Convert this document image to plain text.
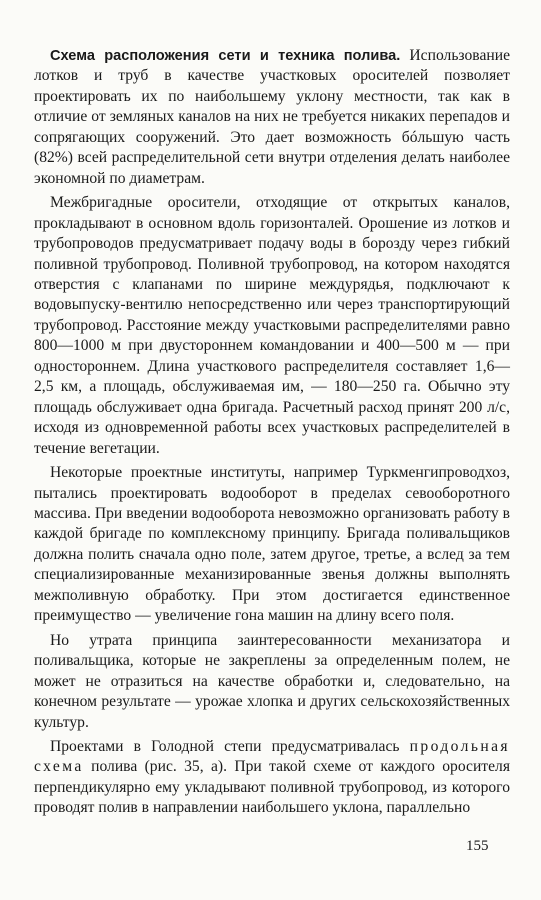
Схема расположения сети и техника полива. Использование лотков и труб в качестве участковых оросителей позволяет проектировать их по наибольшему уклону местности, так как в отличие от земляных каналов на них не требуется никаких перепадов и сопрягающих сооружений. Это дает возможность бóльшую часть (82%) всей распределительной сети внутри отделения делать наиболее экономной по диаметрам.

Межбригадные оросители, отходящие от открытых каналов, прокладывают в основном вдоль горизонталей. Орошение из лотков и трубопроводов предусматривает подачу воды в борозду через гибкий поливной трубопровод. Поливной трубопровод, на котором находятся отверстия с клапанами по ширине междурядья, подключают к водовыпуску-вентилю непосредственно или через транспортирующий трубопровод. Расстояние между участковыми распределителями равно 800—1000 м при двустороннем командовании и 400—500 м — при одностороннем. Длина участкового распределителя составляет 1,6—2,5 км, а площадь, обслуживаемая им, — 180—250 га. Обычно эту площадь обслуживает одна бригада. Расчетный расход принят 200 л/с, исходя из одновременной работы всех участковых распределителей в течение вегетации.

Некоторые проектные институты, например Туркменгипроводхоз, пытались проектировать водооборот в пределах севооборотного массива. При введении водооборота невозможно организовать работу в каждой бригаде по комплексному принципу. Бригада поливальщиков должна полить сначала одно поле, затем другое, третье, а вслед за тем специализированные механизированные звенья должны выполнять межполивную обработку. При этом достигается единственное преимущество — увеличение гона машин на длину всего поля.

Но утрата принципа заинтересованности механизатора и поливальщика, которые не закреплены за определенным полем, не может не отразиться на качестве обработки и, следовательно, на конечном результате — урожае хлопка и других сельскохозяйственных культур.

Проектами в Голодной степи предусматривалась продольная схема полива (рис. 35, а). При такой схеме от каждого оросителя перпендикулярно ему укладывают поливной трубопровод, из которого проводят полив в направлении наибольшего уклона, параллельно

155
